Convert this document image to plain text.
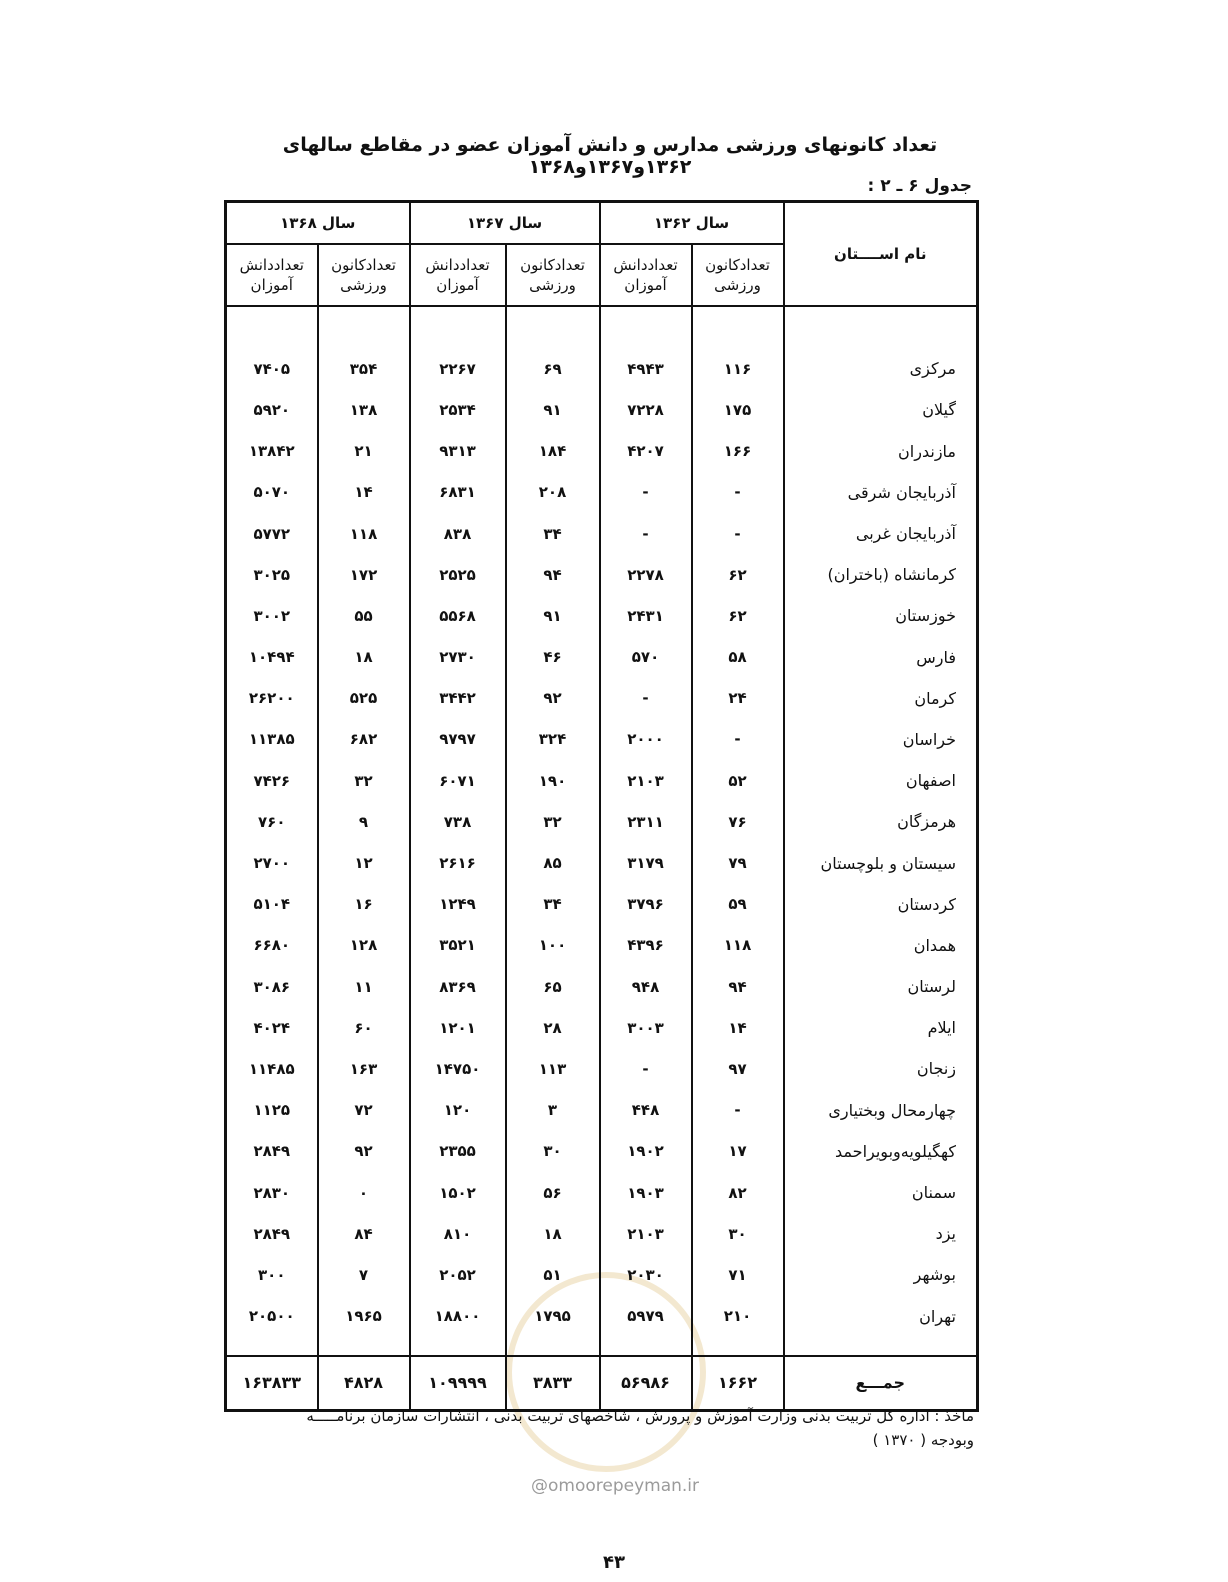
تعداد کانونهای ورزشی مدارس و دانش آموزان عضو در مقاطع سالهای ۱۳۶۲و۱۳۶۷و۱۳۶۸
جدول ۶ ـ ۲ :
نام اســــتان	سال ۱۳۶۲		سال ۱۳۶۷		سال ۱۳۶۸	
	تعدادکانون ورزشی	تعداددانش آموزان	تعدادکانون ورزشی	تعداددانش آموزان	تعدادکانون ورزشی	تعداددانش آموزان

مرکزی	۱۱۶	۴۹۴۳	۶۹	۲۲۶۷	۳۵۴	۷۴۰۵
گیلان	۱۷۵	۷۲۲۸	۹۱	۲۵۳۴	۱۳۸	۵۹۲۰
مازندران	۱۶۶	۴۲۰۷	۱۸۴	۹۳۱۳	۲۱	۱۳۸۴۲
آذربایجان شرقی	-	-	۲۰۸	۶۸۳۱	۱۴	۵۰۷۰
آذربایجان غربی	-	-	۳۴	۸۳۸	۱۱۸	۵۷۷۲
کرمانشاه (باختران)	۶۲	۲۲۷۸	۹۴	۲۵۲۵	۱۷۲	۳۰۲۵
خوزستان	۶۲	۲۴۳۱	۹۱	۵۵۶۸	۵۵	۳۰۰۲
فارس	۵۸	۵۷۰	۴۶	۲۷۳۰	۱۸	۱۰۴۹۴
کرمان	۲۴	-	۹۲	۳۴۴۲	۵۲۵	۲۶۲۰۰
خراسان	-	۲۰۰۰	۳۲۴	۹۷۹۷	۶۸۲	۱۱۳۸۵
اصفهان	۵۲	۲۱۰۳	۱۹۰	۶۰۷۱	۳۲	۷۴۲۶
هرمزگان	۷۶	۲۳۱۱	۳۲	۷۳۸	۹	۷۶۰
سیستان و بلوچستان	۷۹	۳۱۷۹	۸۵	۲۶۱۶	۱۲	۲۷۰۰
کردستان	۵۹	۳۷۹۶	۳۴	۱۲۴۹	۱۶	۵۱۰۴
همدان	۱۱۸	۴۳۹۶	۱۰۰	۳۵۲۱	۱۲۸	۶۶۸۰
لرستان	۹۴	۹۴۸	۶۵	۸۳۶۹	۱۱	۳۰۸۶
ایلام	۱۴	۳۰۰۳	۲۸	۱۲۰۱	۶۰	۴۰۲۴
زنجان	۹۷	-	۱۱۳	۱۴۷۵۰	۱۶۳	۱۱۴۸۵
چهارمحال وبختیاری	-	۴۴۸	۳	۱۲۰	۷۲	۱۱۲۵
کهگیلویه‌وبویراحمد	۱۷	۱۹۰۲	۳۰	۲۳۵۵	۹۲	۲۸۴۹
سمنان	۸۲	۱۹۰۳	۵۶	۱۵۰۲	۰	۲۸۳۰
یزد	۳۰	۲۱۰۳	۱۸	۸۱۰	۸۴	۲۸۴۹
بوشهر	۷۱	۲۰۳۰	۵۱	۲۰۵۲	۷	۳۰۰
تهران	۲۱۰	۵۹۷۹	۱۷۹۵	۱۸۸۰۰	۱۹۶۵	۲۰۵۰۰

جمـــع	۱۶۶۲	۵۶۹۸۶	۳۸۳۳	۱۰۹۹۹۹	۴۸۲۸	۱۶۳۸۳۳
ماخذ : اداره کل تربیت بدنی وزارت آموزش و پرورش ، شاخصهای تربیت بدنی ، انتشارات سازمان برنامـــــه
وبودجه ( ۱۳۷۰ )
@omoorepeyman.ir
۴۳
